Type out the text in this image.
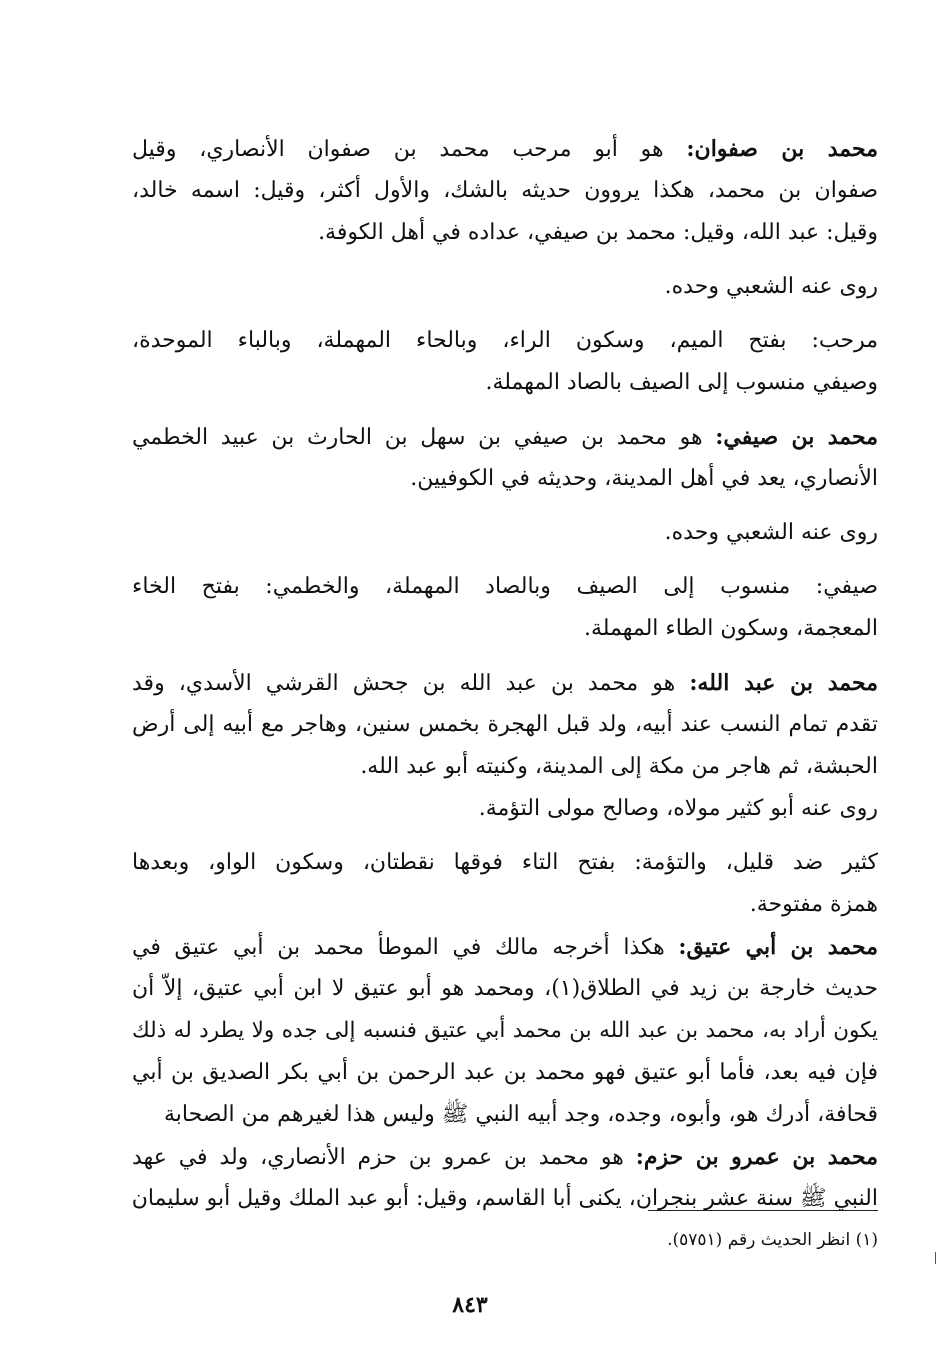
محمد بن صفوان: هو أبو مرحب محمد بن صفوان الأنصاري، وقيل
صفوان بن محمد، هكذا يروون حديثه بالشك، والأول أكثر، وقيل: اسمه خالد،
وقيل: عبد الله، وقيل: محمد بن صيفي، عداده في أهل الكوفة.
روى عنه الشعبي وحده.
مرحب: بفتح الميم، وسكون الراء، وبالحاء المهملة، وبالباء الموحدة،
وصيفي منسوب إلى الصيف بالصاد المهملة.
محمد بن صيفي: هو محمد بن صيفي بن سهل بن الحارث بن عبيد الخطمي
الأنصاري، يعد في أهل المدينة، وحديثه في الكوفيين.
روى عنه الشعبي وحده.
صيفي: منسوب إلى الصيف وبالصاد المهملة، والخطمي: بفتح الخاء
المعجمة، وسكون الطاء المهملة.
محمد بن عبد الله: هو محمد بن عبد الله بن جحش القرشي الأسدي، وقد
تقدم تمام النسب عند أبيه، ولد قبل الهجرة بخمس سنين، وهاجر مع أبيه إلى أرض
الحبشة، ثم هاجر من مكة إلى المدينة، وكنيته أبو عبد الله.
روى عنه أبو كثير مولاه، وصالح مولى التؤمة.
كثير ضد قليل، والتؤمة: بفتح التاء فوقها نقطتان، وسكون الواو، وبعدها
همزة مفتوحة.
محمد بن أبي عتيق: هكذا أخرجه مالك في الموطأ محمد بن أبي عتيق في
حديث خارجة بن زيد في الطلاق(١)، ومحمد هو أبو عتيق لا ابن أبي عتيق، إلاّ أن
يكون أراد به، محمد بن عبد الله بن محمد أبي عتيق فنسبه إلى جده ولا يطرد له ذلك
فإن فيه بعد، فأما أبو عتيق فهو محمد بن عبد الرحمن بن أبي بكر الصديق بن أبي
قحافة، أدرك هو، وأبوه، وجده، وجد أبيه النبي ﷺ وليس هذا لغيرهم من الصحابة
محمد بن عمرو بن حزم: هو محمد بن عمرو بن حزم الأنصاري، ولد في عهد
النبي ﷺ سنة عشر بنجران، يكنى أبا القاسم، وقيل: أبو عبد الملك وقيل أبو سليمان
(١) انظر الحديث رقم (٥٧٥١).
٨٤٣
